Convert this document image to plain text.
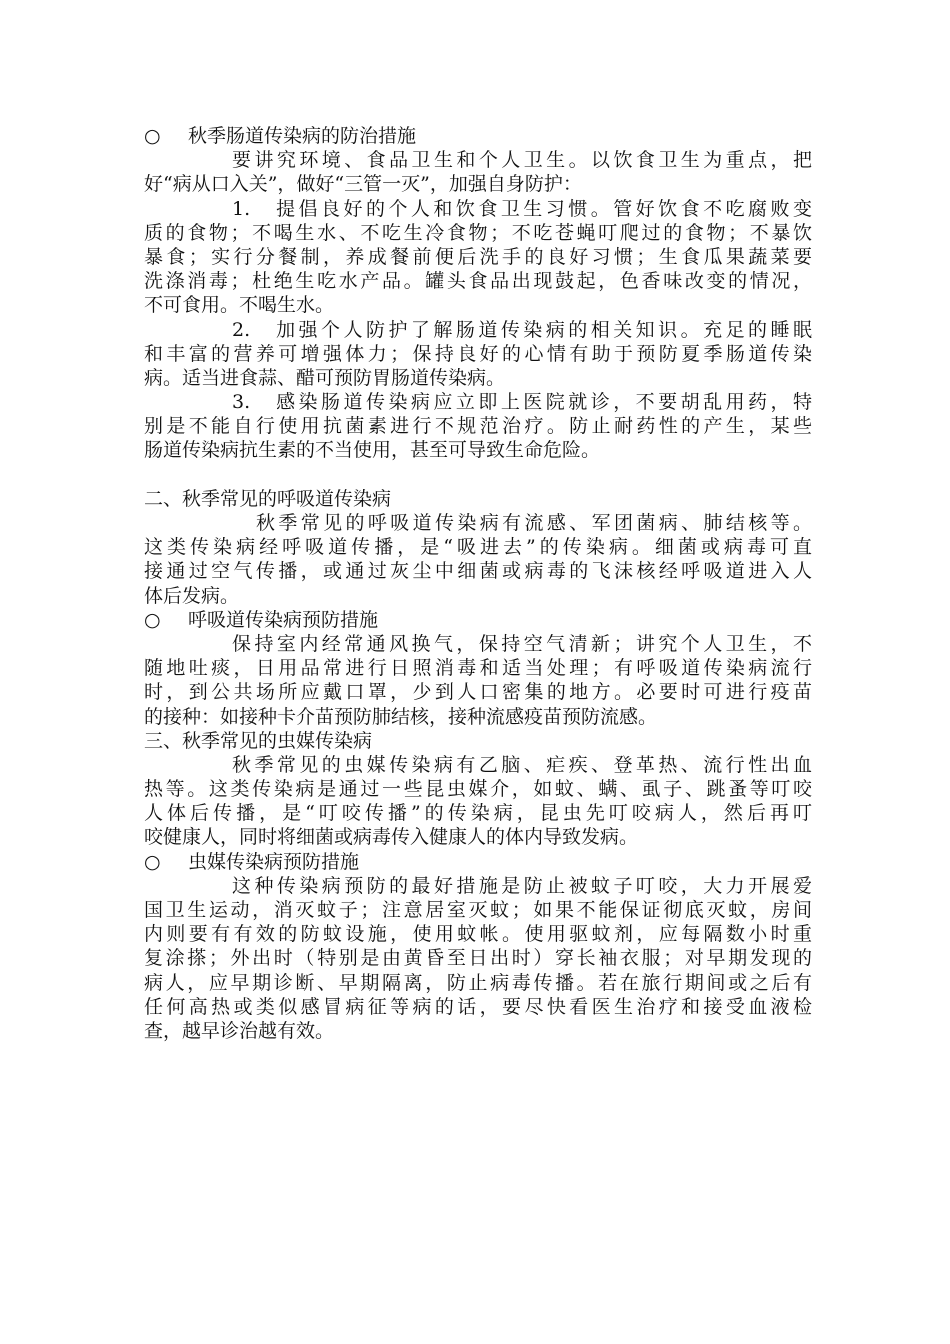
○ 秋季肠道传染病的防治措施
要讲究环境、食品卫生和个人卫生。以饮食卫生为重点，把
好“病从口入关”，做好“三管一灭”，加强自身防护：
1.　提倡良好的个人和饮食卫生习惯。管好饮食不吃腐败变
质的食物；不喝生水、不吃生冷食物；不吃苍蝇叮爬过的食物；不暴饮
暴食；实行分餐制，养成餐前便后洗手的良好习惯；生食瓜果蔬菜要
洗涤消毒；杜绝生吃水产品。罐头食品出现鼓起，色香味改变的情况，
不可食用。不喝生水。
2.　加强个人防护了解肠道传染病的相关知识。充足的睡眠
和丰富的营养可增强体力；保持良好的心情有助于预防夏季肠道传染
病。适当进食蒜、醋可预防胃肠道传染病。
3.　感染肠道传染病应立即上医院就诊，不要胡乱用药，特
别是不能自行使用抗菌素进行不规范治疗。防止耐药性的产生，某些
肠道传染病抗生素的不当使用，甚至可导致生命危险。
二、秋季常见的呼吸道传染病
秋季常见的呼吸道传染病有流感、军团菌病、肺结核等。
这类传染病经呼吸道传播，是“吸进去”的传染病。细菌或病毒可直
接通过空气传播，或通过灰尘中细菌或病毒的飞沫核经呼吸道进入人
体后发病。
○ 呼吸道传染病预防措施
保持室内经常通风换气，保持空气清新；讲究个人卫生，不
随地吐痰，日用品常进行日照消毒和适当处理；有呼吸道传染病流行
时，到公共场所应戴口罩，少到人口密集的地方。必要时可进行疫苗
的接种：如接种卡介苗预防肺结核，接种流感疫苗预防流感。
三、秋季常见的虫媒传染病
秋季常见的虫媒传染病有乙脑、疟疾、登革热、流行性出血
热等。这类传染病是通过一些昆虫媒介，如蚊、螨、虱子、跳蚤等叮咬
人体后传播，是“叮咬传播”的传染病，昆虫先叮咬病人，然后再叮
咬健康人，同时将细菌或病毒传入健康人的体内导致发病。
○ 虫媒传染病预防措施
这种传染病预防的最好措施是防止被蚊子叮咬，大力开展爱
国卫生运动，消灭蚊子；注意居室灭蚊；如果不能保证彻底灭蚊，房间
内则要有有效的防蚊设施，使用蚊帐。使用驱蚊剂，应每隔数小时重
复涂搽；外出时（特别是由黄昏至日出时）穿长袖衣服；对早期发现的
病人，应早期诊断、早期隔离，防止病毒传播。若在旅行期间或之后有
任何高热或类似感冒病征等病的话，要尽快看医生治疗和接受血液检
查，越早诊治越有效。
